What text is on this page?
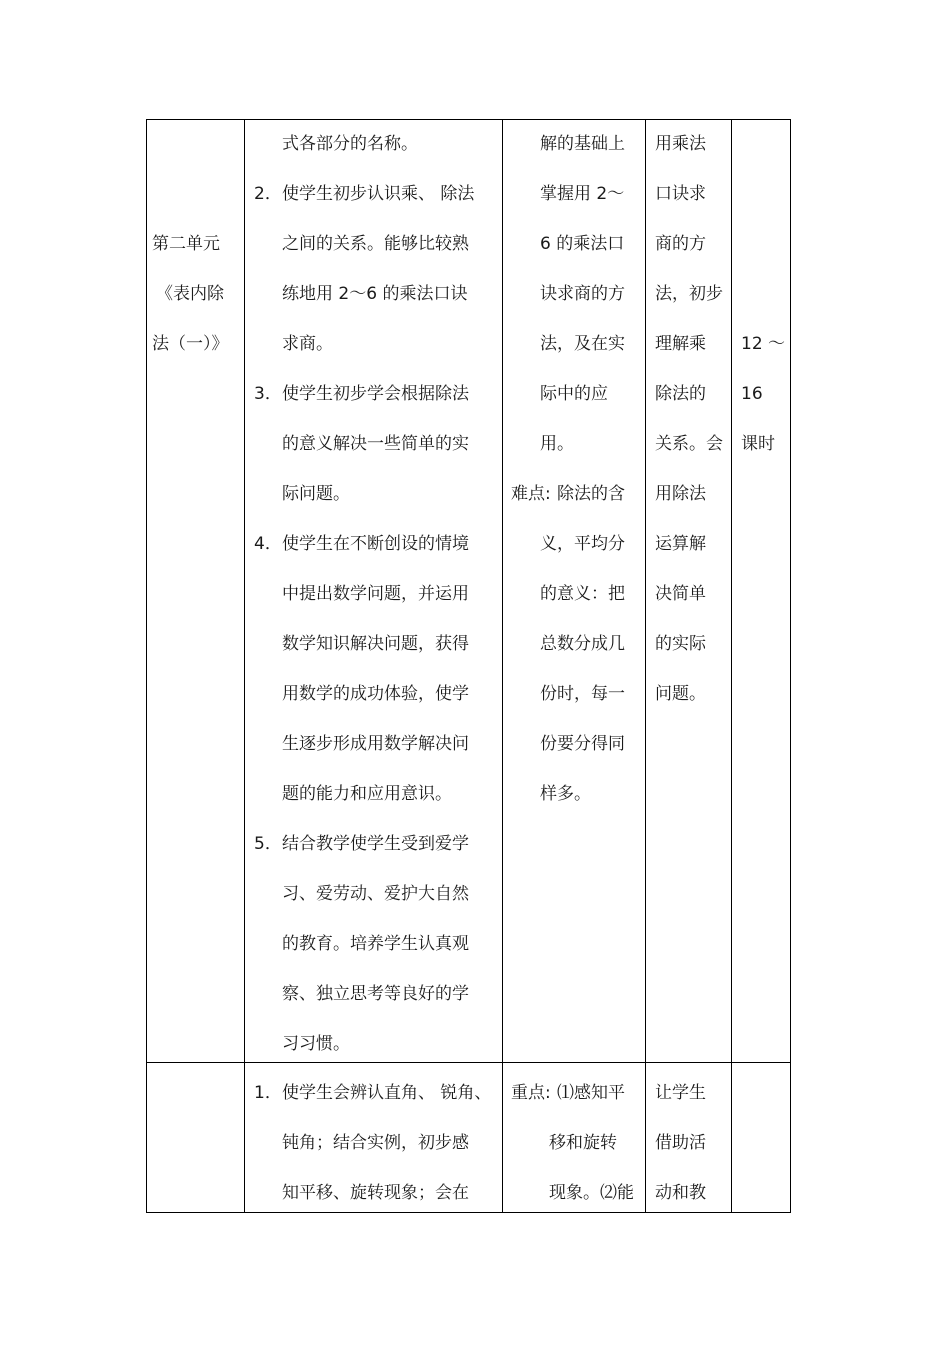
第二单元
《表内除
法（一）》
式各部分的名称。
2． 使学生初步认识乘、 除法
之间的关系。能够比较熟
练地用 2～6 的乘法口诀
求商。
3． 使学生初步学会根据除法
的意义解决一些简单的实
际问题。
4． 使学生在不断创设的情境
中提出数学问题，并运用
数学知识解决问题，获得
用数学的成功体验，使学
生逐步形成用数学解决问
题的能力和应用意识。
5． 结合教学使学生受到爱学
习、爱劳动、爱护大自然
的教育。培养学生认真观
察、独立思考等良好的学
习习惯。
解的基础上
掌握用 2～
6 的乘法口
诀求商的方
法，及在实
际中的应
用。
难点: 除法的含
义，平均分
的意义：把
总数分成几
份时，每一
份要分得同
样多。
用乘法
口诀求
商的方
法，初步
理解乘
除法的
关系。会
用除法
运算解
决简单
的实际
问题。
12 ～
16
课时
1． 使学生会辨认直角、 锐角、
钝角；结合实例，初步感
知平移、旋转现象；会在
重点: ⑴感知平
移和旋转
现象。⑵能
让学生
借助活
动和教
